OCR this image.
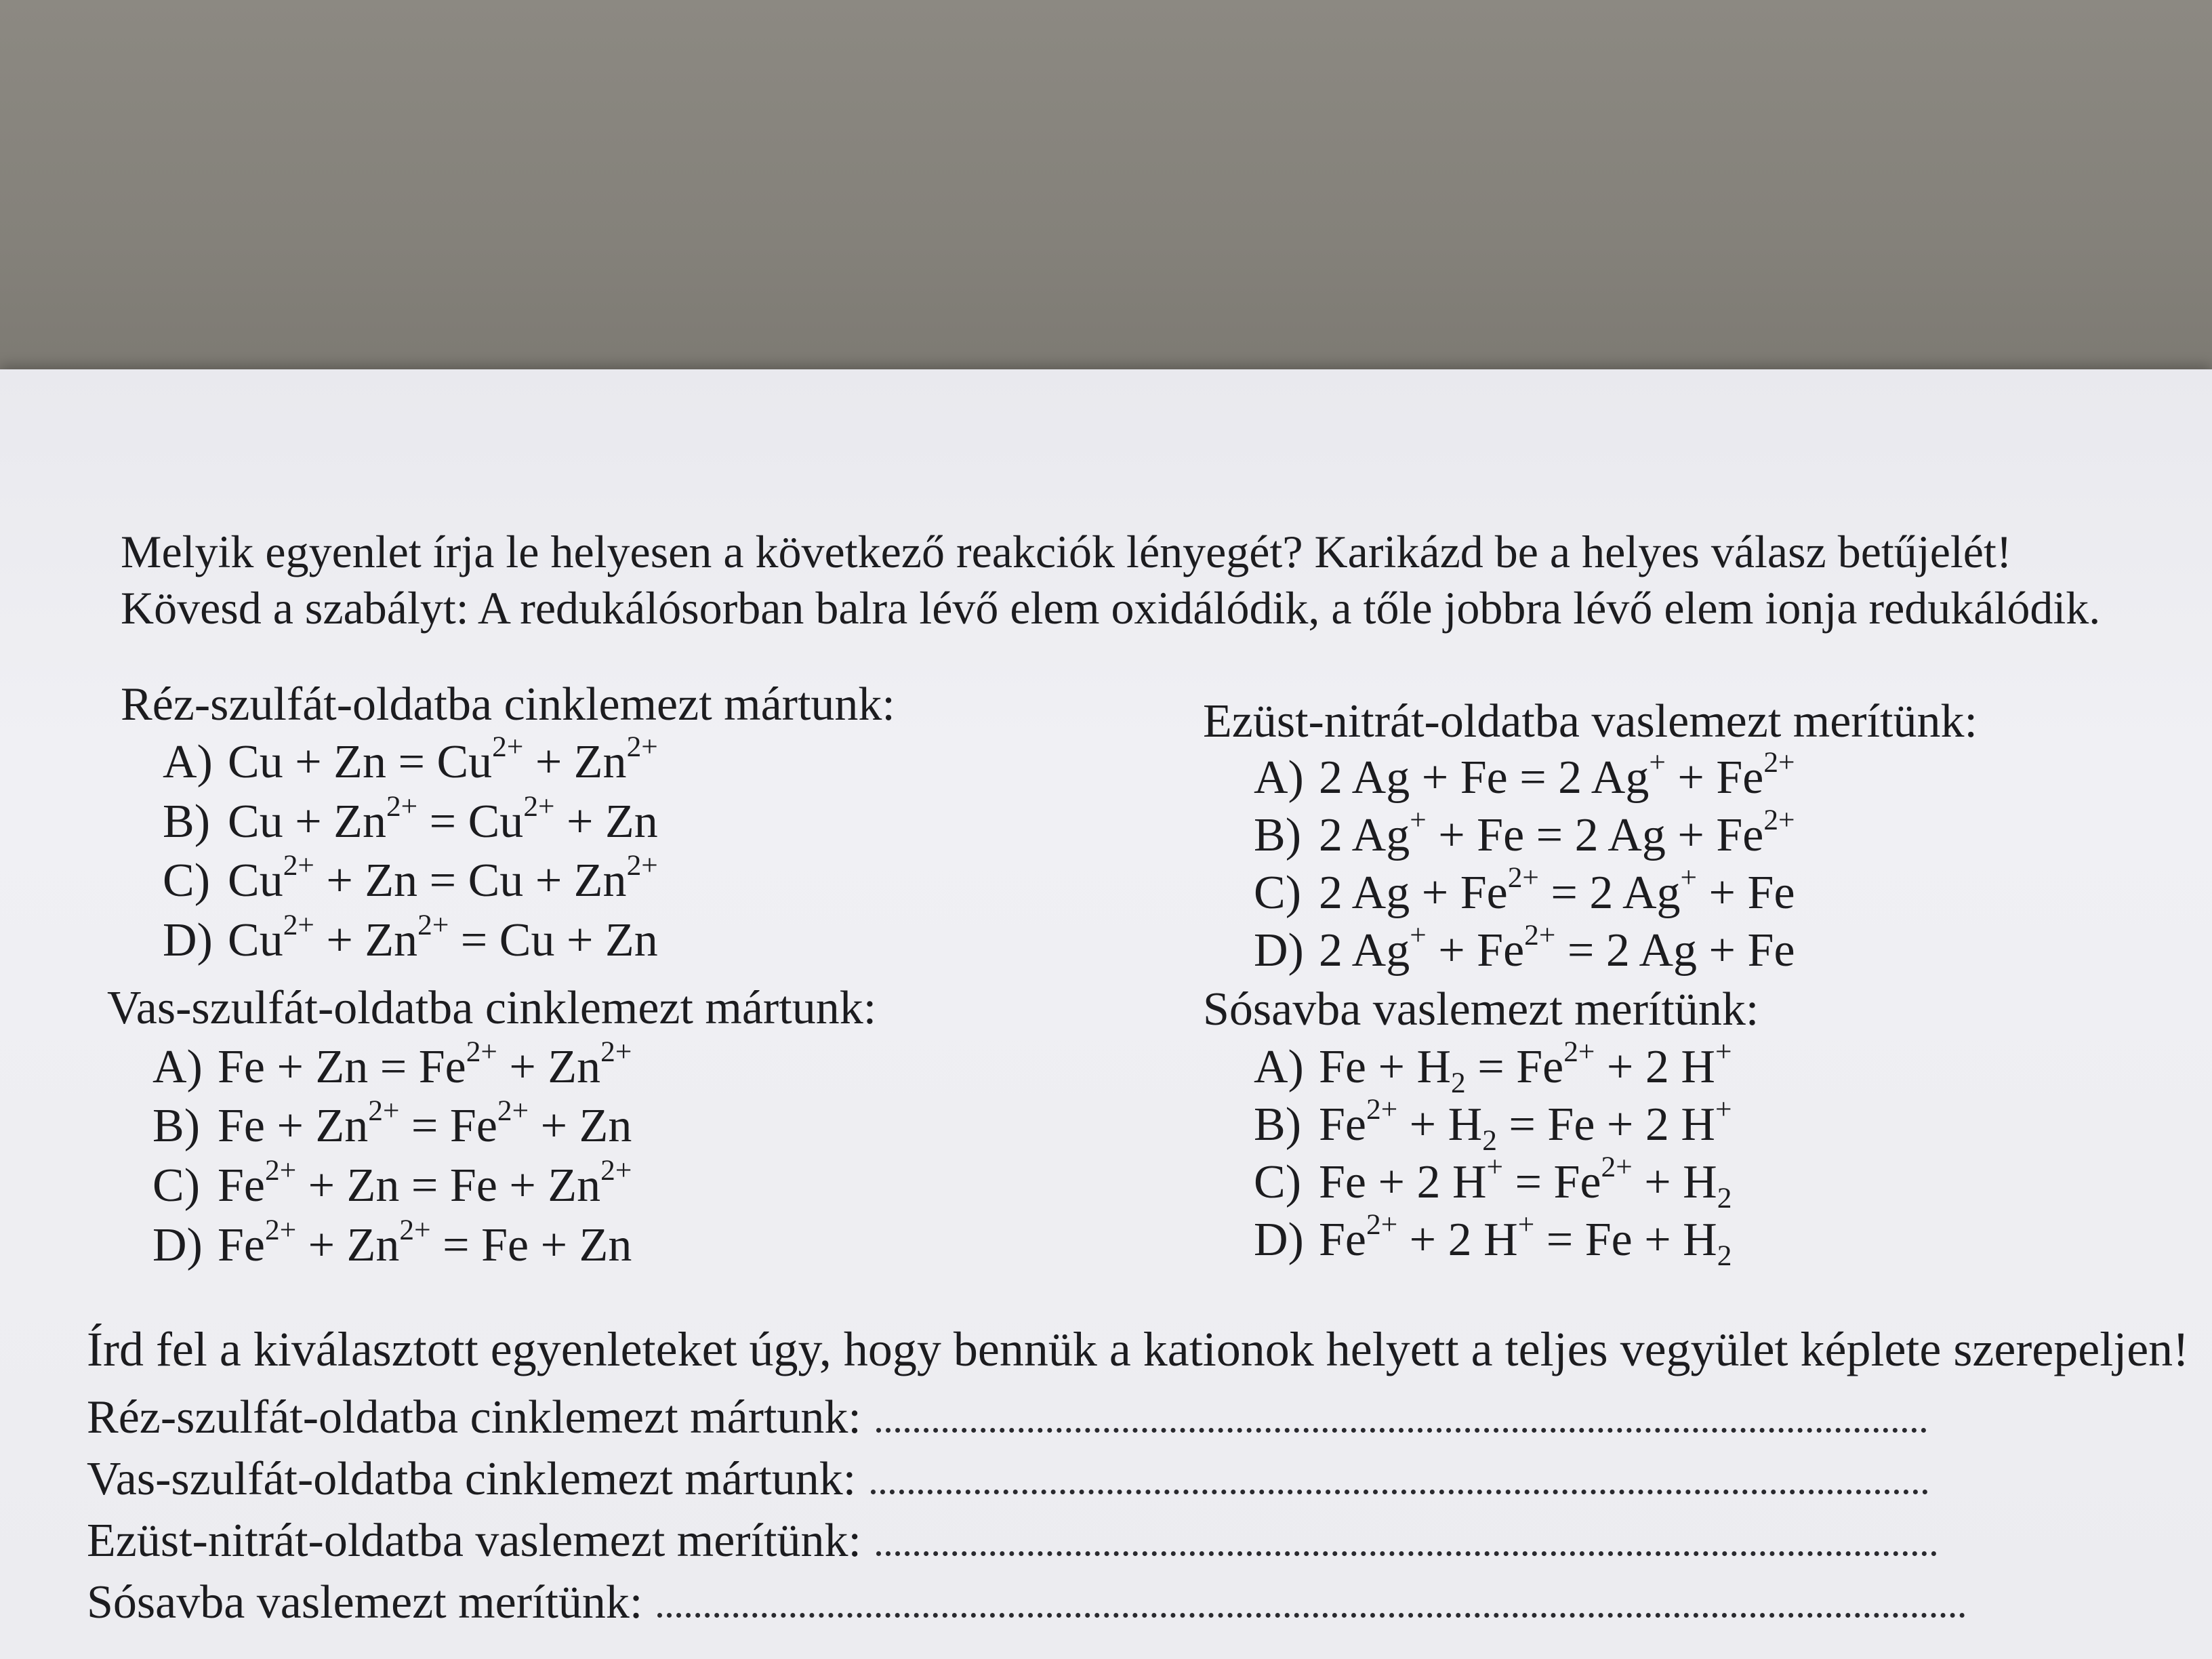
Melyik egyenlet írja le helyesen a következő reakciók lényegét? Karikázd be a helyes válasz betűjelét!
Kövesd a szabályt: A redukálósorban balra lévő elem oxidálódik, a tőle jobbra lévő elem ionja redukálódik.
Réz-szulfát-oldatba cinklemezt mártunk:
A) $Cu + Zn = Cu^{2+} + Zn^{2+}$
B) $Cu + Zn^{2+} = Cu^{2+} + Zn$
C) $Cu^{2+} + Zn = Cu + Zn^{2+}$
D) $Cu^{2+} + Zn^{2+} = Cu + Zn$
Vas-szulfát-oldatba cinklemezt mártunk:
A) $Fe + Zn = Fe^{2+} + Zn^{2+}$
B) $Fe + Zn^{2+} = Fe^{2+} + Zn$
C) $Fe^{2+} + Zn = Fe + Zn^{2+}$
D) $Fe^{2+} + Zn^{2+} = Fe + Zn$
Ezüst-nitrát-oldatba vaslemezt merítünk:
A) 2 Ag + Fe = 2 $Ag^+ + Fe^{2+}$
B) 2 Ag+ + Fe = 2 $Ag + Fe^{2+}$
C) 2 $Ag + Fe^{2+} = 2$ Ag+ + Fe
D) 2 $Ag^+ + Fe^{2+} = 2$ Ag + Fe
Sósavba vaslemezt merítünk:
A) $Fe + H_2 = Fe^{2+} + 2$ H+
B) $Fe^{2+} + H_2 = Fe + 2$ H+
C) Fe + 2 $H^+ = Fe^{2+} + H_2$
D) $Fe^{2+} + 2$ $H^+ = Fe + H_2$
Írd fel a kiválasztott egyenleteket úgy, hogy bennük a kationok helyett a teljes vegyület képlete szerepeljen!
Réz-szulfát-oldatba cinklemezt mártunk:
Vas-szulfát-oldatba cinklemezt mártunk:
Ezüst-nitrát-oldatba vaslemezt merítünk:
Sósavba vaslemezt merítünk:
